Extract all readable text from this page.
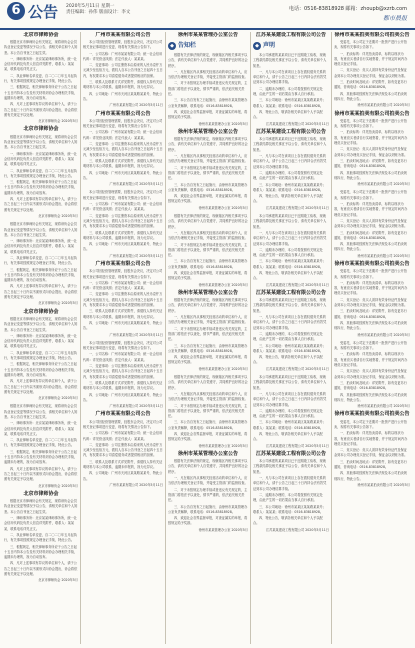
6 公告 2020年5月11日 星期一
责任编辑：孙伟 版面设计：李文
电话：0516-83818928 邮箱：zhoupb@xzrb.com
都市晨报
北京市律师协会

根据北京市律师协会有关规定，现将该协会会员执业登记变更等情况予以公告，请相关单位和个人知悉。本公告自刊登之日起生效。

一、律师事务所：北京某某律师事务所，统一社会信用代码及负责人信息详见附件，联系人：某某某，联系电话详见正文。

二、执业律师名单变更，自二〇二〇年五月起执行，有关事项按照规定办理登记手续，特此公告。

三、根据规定，相关律师事务所应于公告之日起十五日内持本公告及有关材料到协会办理相关手续，逾期未办理的，视为自动放弃。

四、凡对上述事项有异议的单位和个人，请于公告之日起三十日内以书面形式向协会提出，协会将依照有关规定予以处理。

北京市律师协会 2020年5月
北京市律师协会

根据北京市律师协会有关规定，现将该协会会员执业登记变更等情况予以公告，请相关单位和个人知悉。本公告自刊登之日起生效。

一、律师事务所：北京某某律师事务所，统一社会信用代码及负责人信息详见附件，联系人：某某某，联系电话详见正文。

二、执业律师名单变更，自二〇二〇年五月起执行，有关事项按照规定办理登记手续，特此公告。

三、根据规定，相关律师事务所应于公告之日起十五日内持本公告及有关材料到协会办理相关手续，逾期未办理的，视为自动放弃。

四、凡对上述事项有异议的单位和个人，请于公告之日起三十日内以书面形式向协会提出，协会将依照有关规定予以处理。

北京市律师协会 2020年5月

根据北京市律师协会有关规定，现将该协会会员执业登记变更等情况予以公告，请相关单位和个人知悉。本公告自刊登之日起生效。

一、律师事务所：北京某某律师事务所，统一社会信用代码及负责人信息详见附件，联系人：某某某，联系电话详见正文。

二、执业律师名单变更，自二〇二〇年五月起执行，有关事项按照规定办理登记手续，特此公告。

三、根据规定，相关律师事务所应于公告之日起十五日内持本公告及有关材料到协会办理相关手续，逾期未办理的，视为自动放弃。

四、凡对上述事项有异议的单位和个人，请于公告之日起三十日内以书面形式向协会提出，协会将依照有关规定予以处理。

北京市律师协会 2020年5月
北京市律师协会

根据北京市律师协会有关规定，现将该协会会员执业登记变更等情况予以公告，请相关单位和个人知悉。本公告自刊登之日起生效。

一、律师事务所：北京某某律师事务所，统一社会信用代码及负责人信息详见附件，联系人：某某某，联系电话详见正文。

二、执业律师名单变更，自二〇二〇年五月起执行，有关事项按照规定办理登记手续，特此公告。

三、根据规定，相关律师事务所应于公告之日起十五日内持本公告及有关材料到协会办理相关手续，逾期未办理的，视为自动放弃。

四、凡对上述事项有异议的单位和个人，请于公告之日起三十日内以书面形式向协会提出，协会将依照有关规定予以处理。

北京市律师协会 2020年5月

根据北京市律师协会有关规定，现将该协会会员执业登记变更等情况予以公告，请相关单位和个人知悉。本公告自刊登之日起生效。

一、律师事务所：北京某某律师事务所，统一社会信用代码及负责人信息详见附件，联系人：某某某，联系电话详见正文。

二、执业律师名单变更，自二〇二〇年五月起执行，有关事项按照规定办理登记手续，特此公告。

三、根据规定，相关律师事务所应于公告之日起十五日内持本公告及有关材料到协会办理相关手续，逾期未办理的，视为自动放弃。

四、凡对上述事项有异议的单位和个人，请于公告之日起三十日内以书面形式向协会提出，协会将依照有关规定予以处理。

北京市律师协会 2020年5月
北京市律师协会

根据北京市律师协会有关规定，现将该协会会员执业登记变更等情况予以公告，请相关单位和个人知悉。本公告自刊登之日起生效。

一、律师事务所：北京某某律师事务所，统一社会信用代码及负责人信息详见附件，联系人：某某某，联系电话详见正文。

二、执业律师名单变更，自二〇二〇年五月起执行，有关事项按照规定办理登记手续，特此公告。

三、根据规定，相关律师事务所应于公告之日起十五日内持本公告及有关材料到协会办理相关手续，逾期未办理的，视为自动放弃。

四、凡对上述事项有异议的单位和个人，请于公告之日起三十日内以书面形式向协会提出，协会将依照有关规定予以处理。

北京市律师协会 2020年5月
广州市某某有限公司公告

本公司因经营管理需要，经股东会决议，决定对公司相关登记事项进行变更，现将有关情况公告如下。

一、公司名称：广州市某某有限公司；统一社会信用代码：详见营业执照；法定代表人：某某某。

二、变更事项：公司注册资本由原来的人民币壹仟万元减少至伍佰万元，债权人自本公告刊登之日起四十五日内，有权要求本公司清偿债务或者提供相应的担保。

三、联系人及联系方式详见附件，请债权人持有关证明材料与本公司联系，逾期未申报的，视为无异议。

四、公司地址：广州市天河区某某路某某号，特此公告。

广州市某某有限公司 2020年5月11日
广州市某某有限公司公告

本公司因经营管理需要，经股东会决议，决定对公司相关登记事项进行变更，现将有关情况公告如下。

一、公司名称：广州市某某有限公司；统一社会信用代码：详见营业执照；法定代表人：某某某。

二、变更事项：公司注册资本由原来的人民币壹仟万元减少至伍佰万元，债权人自本公告刊登之日起四十五日内，有权要求本公司清偿债务或者提供相应的担保。

三、联系人及联系方式详见附件，请债权人持有关证明材料与本公司联系，逾期未申报的，视为无异议。

四、公司地址：广州市天河区某某路某某号，特此公告。

广州市某某有限公司 2020年5月11日

本公司因经营管理需要，经股东会决议，决定对公司相关登记事项进行变更，现将有关情况公告如下。

一、公司名称：广州市某某有限公司；统一社会信用代码：详见营业执照；法定代表人：某某某。

二、变更事项：公司注册资本由原来的人民币壹仟万元减少至伍佰万元，债权人自本公告刊登之日起四十五日内，有权要求本公司清偿债务或者提供相应的担保。

三、联系人及联系方式详见附件，请债权人持有关证明材料与本公司联系，逾期未申报的，视为无异议。

四、公司地址：广州市天河区某某路某某号，特此公告。

广州市某某有限公司 2020年5月11日
广州市某某有限公司公告

本公司因经营管理需要，经股东会决议，决定对公司相关登记事项进行变更，现将有关情况公告如下。

一、公司名称：广州市某某有限公司；统一社会信用代码：详见营业执照；法定代表人：某某某。

二、变更事项：公司注册资本由原来的人民币壹仟万元减少至伍佰万元，债权人自本公告刊登之日起四十五日内，有权要求本公司清偿债务或者提供相应的担保。

三、联系人及联系方式详见附件，请债权人持有关证明材料与本公司联系，逾期未申报的，视为无异议。

四、公司地址：广州市天河区某某路某某号，特此公告。

广州市某某有限公司 2020年5月11日

本公司因经营管理需要，经股东会决议，决定对公司相关登记事项进行变更，现将有关情况公告如下。

一、公司名称：广州市某某有限公司；统一社会信用代码：详见营业执照；法定代表人：某某某。

二、变更事项：公司注册资本由原来的人民币壹仟万元减少至伍佰万元，债权人自本公告刊登之日起四十五日内，有权要求本公司清偿债务或者提供相应的担保。

三、联系人及联系方式详见附件，请债权人持有关证明材料与本公司联系，逾期未申报的，视为无异议。

四、公司地址：广州市天河区某某路某某号，特此公告。

广州市某某有限公司 2020年5月11日
广州市某某有限公司公告

本公司因经营管理需要，经股东会决议，决定对公司相关登记事项进行变更，现将有关情况公告如下。

一、公司名称：广州市某某有限公司；统一社会信用代码：详见营业执照；法定代表人：某某某。

二、变更事项：公司注册资本由原来的人民币壹仟万元减少至伍佰万元，债权人自本公告刊登之日起四十五日内，有权要求本公司清偿债务或者提供相应的担保。

三、联系人及联系方式详见附件，请债权人持有关证明材料与本公司联系，逾期未申报的，视为无异议。

四、公司地址：广州市天河区某某路某某号，特此公告。

广州市某某有限公司 2020年5月11日
徐州市某某管理办公室公告
◆ 告知栏

根据有关法律法规的规定，现就辖区内相关事项予以公告，请有关单位和个人自觉遵守，共同维护良好的社会秩序。

一、凡在辖区内从事相关经营活动的单位和个人，应当依法办理相关登记手续，并接受主管部门的监督检查。

二、对于未按规定办理手续或者违反有关规定的，主管部门将依法予以查处，情节严重的，依法追究相关责任。

三、本公告自发布之日起施行，由徐州市某某管理办公室负责解释，联系电话：0516-83818928。

四、欢迎社会各界监督举报，对查证属实的举报，将按规定给予奖励。

徐州市某某管理办公室 2020年5月
徐州市某某管理办公室公告

根据有关法律法规的规定，现就辖区内相关事项予以公告，请有关单位和个人自觉遵守，共同维护良好的社会秩序。

一、凡在辖区内从事相关经营活动的单位和个人，应当依法办理相关登记手续，并接受主管部门的监督检查。

二、对于未按规定办理手续或者违反有关规定的，主管部门将依法予以查处，情节严重的，依法追究相关责任。

三、本公告自发布之日起施行，由徐州市某某管理办公室负责解释，联系电话：0516-83818928。

四、欢迎社会各界监督举报，对查证属实的举报，将按规定给予奖励。

徐州市某某管理办公室 2020年5月

根据有关法律法规的规定，现就辖区内相关事项予以公告，请有关单位和个人自觉遵守，共同维护良好的社会秩序。

一、凡在辖区内从事相关经营活动的单位和个人，应当依法办理相关登记手续，并接受主管部门的监督检查。

二、对于未按规定办理手续或者违反有关规定的，主管部门将依法予以查处，情节严重的，依法追究相关责任。

三、本公告自发布之日起施行，由徐州市某某管理办公室负责解释，联系电话：0516-83818928。

四、欢迎社会各界监督举报，对查证属实的举报，将按规定给予奖励。

徐州市某某管理办公室 2020年5月
徐州市某某管理办公室公告

根据有关法律法规的规定，现就辖区内相关事项予以公告，请有关单位和个人自觉遵守，共同维护良好的社会秩序。

一、凡在辖区内从事相关经营活动的单位和个人，应当依法办理相关登记手续，并接受主管部门的监督检查。

二、对于未按规定办理手续或者违反有关规定的，主管部门将依法予以查处，情节严重的，依法追究相关责任。

三、本公告自发布之日起施行，由徐州市某某管理办公室负责解释，联系电话：0516-83818928。

四、欢迎社会各界监督举报，对查证属实的举报，将按规定给予奖励。

徐州市某某管理办公室 2020年5月

根据有关法律法规的规定，现就辖区内相关事项予以公告，请有关单位和个人自觉遵守，共同维护良好的社会秩序。

一、凡在辖区内从事相关经营活动的单位和个人，应当依法办理相关登记手续，并接受主管部门的监督检查。

二、对于未按规定办理手续或者违反有关规定的，主管部门将依法予以查处，情节严重的，依法追究相关责任。

三、本公告自发布之日起施行，由徐州市某某管理办公室负责解释，联系电话：0516-83818928。

四、欢迎社会各界监督举报，对查证属实的举报，将按规定给予奖励。

徐州市某某管理办公室 2020年5月
徐州市某某管理办公室公告

根据有关法律法规的规定，现就辖区内相关事项予以公告，请有关单位和个人自觉遵守，共同维护良好的社会秩序。

一、凡在辖区内从事相关经营活动的单位和个人，应当依法办理相关登记手续，并接受主管部门的监督检查。

二、对于未按规定办理手续或者违反有关规定的，主管部门将依法予以查处，情节严重的，依法追究相关责任。

三、本公告自发布之日起施行，由徐州市某某管理办公室负责解释，联系电话：0516-83818928。

四、欢迎社会各界监督举报，对查证属实的举报，将按规定给予奖励。

徐州市某某管理办公室 2020年5月
江苏某某建设工程有限公司公告
◆ 声明

本公司承建的某某项目已于近期竣工验收，现就工程款结算及相关事宜予以公告，请有关单位和个人知悉。

一、凡与本公司在该项目上存在债权债务关系的单位和个人，请于公告之日起三十日内持合法有效凭证到本公司办理结算手续。

二、逾期未办理的，本公司将按照有关规定处理，由此产生的一切后果由当事人自行承担。

三、本公司地址：徐州市某某区某某路某某号；联系人：某某某；联系电话：0516-83818928。

四、特此公告，敬请各相关单位和个人予以配合。

江苏某某建设工程有限公司 2020年5月11日
江苏某某建设工程有限公司公告

本公司承建的某某项目已于近期竣工验收，现就工程款结算及相关事宜予以公告，请有关单位和个人知悉。

一、凡与本公司在该项目上存在债权债务关系的单位和个人，请于公告之日起三十日内持合法有效凭证到本公司办理结算手续。

二、逾期未办理的，本公司将按照有关规定处理，由此产生的一切后果由当事人自行承担。

三、本公司地址：徐州市某某区某某路某某号；联系人：某某某；联系电话：0516-83818928。

四、特此公告，敬请各相关单位和个人予以配合。

江苏某某建设工程有限公司 2020年5月11日

本公司承建的某某项目已于近期竣工验收，现就工程款结算及相关事宜予以公告，请有关单位和个人知悉。

一、凡与本公司在该项目上存在债权债务关系的单位和个人，请于公告之日起三十日内持合法有效凭证到本公司办理结算手续。

二、逾期未办理的，本公司将按照有关规定处理，由此产生的一切后果由当事人自行承担。

三、本公司地址：徐州市某某区某某路某某号；联系人：某某某；联系电话：0516-83818928。

四、特此公告，敬请各相关单位和个人予以配合。

江苏某某建设工程有限公司 2020年5月11日
江苏某某建设工程有限公司公告

本公司承建的某某项目已于近期竣工验收，现就工程款结算及相关事宜予以公告，请有关单位和个人知悉。

一、凡与本公司在该项目上存在债权债务关系的单位和个人，请于公告之日起三十日内持合法有效凭证到本公司办理结算手续。

二、逾期未办理的，本公司将按照有关规定处理，由此产生的一切后果由当事人自行承担。

三、本公司地址：徐州市某某区某某路某某号；联系人：某某某；联系电话：0516-83818928。

四、特此公告，敬请各相关单位和个人予以配合。

江苏某某建设工程有限公司 2020年5月11日

本公司承建的某某项目已于近期竣工验收，现就工程款结算及相关事宜予以公告，请有关单位和个人知悉。

一、凡与本公司在该项目上存在债权债务关系的单位和个人，请于公告之日起三十日内持合法有效凭证到本公司办理结算手续。

二、逾期未办理的，本公司将按照有关规定处理，由此产生的一切后果由当事人自行承担。

三、本公司地址：徐州市某某区某某路某某号；联系人：某某某；联系电话：0516-83818928。

四、特此公告，敬请各相关单位和个人予以配合。

江苏某某建设工程有限公司 2020年5月11日
江苏某某建设工程有限公司公告

本公司承建的某某项目已于近期竣工验收，现就工程款结算及相关事宜予以公告，请有关单位和个人知悉。

一、凡与本公司在该项目上存在债权债务关系的单位和个人，请于公告之日起三十日内持合法有效凭证到本公司办理结算手续。

二、逾期未办理的，本公司将按照有关规定处理，由此产生的一切后果由当事人自行承担。

三、本公司地址：徐州市某某区某某路某某号；联系人：某某某；联系电话：0516-83818928。

四、特此公告，敬请各相关单位和个人予以配合。

江苏某某建设工程有限公司 2020年5月11日
徐州市某某拍卖有限公司拍卖公告

受委托，本公司定于近期对一批资产进行公开拍卖，现将有关事项公告如下。

一、拍卖标的：详见拍卖清单，标的以现状为准，有意竞买者请自行实地察看，并于规定时间内办理竞买登记手续。

二、竞买登记：竞买人须持有效身份证件及保证金到本公司办理竞买登记手续，保证金以到账为准。

三、拍卖时间及地点：详见附件，如有变更另行通知，咨询电话：0516-83818928。

四、其他事项按照有关法律法规及本公司拍卖规则执行，特此公告。

徐州市某某拍卖有限公司 2020年5月
徐州市某某拍卖有限公司拍卖公告

受委托，本公司定于近期对一批资产进行公开拍卖，现将有关事项公告如下。

一、拍卖标的：详见拍卖清单，标的以现状为准，有意竞买者请自行实地察看，并于规定时间内办理竞买登记手续。

二、竞买登记：竞买人须持有效身份证件及保证金到本公司办理竞买登记手续，保证金以到账为准。

三、拍卖时间及地点：详见附件，如有变更另行通知，咨询电话：0516-83818928。

四、其他事项按照有关法律法规及本公司拍卖规则执行，特此公告。

徐州市某某拍卖有限公司 2020年5月

受委托，本公司定于近期对一批资产进行公开拍卖，现将有关事项公告如下。

一、拍卖标的：详见拍卖清单，标的以现状为准，有意竞买者请自行实地察看，并于规定时间内办理竞买登记手续。

二、竞买登记：竞买人须持有效身份证件及保证金到本公司办理竞买登记手续，保证金以到账为准。

三、拍卖时间及地点：详见附件，如有变更另行通知，咨询电话：0516-83818928。

四、其他事项按照有关法律法规及本公司拍卖规则执行，特此公告。

徐州市某某拍卖有限公司 2020年5月
徐州市某某拍卖有限公司拍卖公告

受委托，本公司定于近期对一批资产进行公开拍卖，现将有关事项公告如下。

一、拍卖标的：详见拍卖清单，标的以现状为准，有意竞买者请自行实地察看，并于规定时间内办理竞买登记手续。

二、竞买登记：竞买人须持有效身份证件及保证金到本公司办理竞买登记手续，保证金以到账为准。

三、拍卖时间及地点：详见附件，如有变更另行通知，咨询电话：0516-83818928。

四、其他事项按照有关法律法规及本公司拍卖规则执行，特此公告。

徐州市某某拍卖有限公司 2020年5月

受委托，本公司定于近期对一批资产进行公开拍卖，现将有关事项公告如下。

一、拍卖标的：详见拍卖清单，标的以现状为准，有意竞买者请自行实地察看，并于规定时间内办理竞买登记手续。

二、竞买登记：竞买人须持有效身份证件及保证金到本公司办理竞买登记手续，保证金以到账为准。

三、拍卖时间及地点：详见附件，如有变更另行通知，咨询电话：0516-83818928。

四、其他事项按照有关法律法规及本公司拍卖规则执行，特此公告。

徐州市某某拍卖有限公司 2020年5月
徐州市某某拍卖有限公司拍卖公告

受委托，本公司定于近期对一批资产进行公开拍卖，现将有关事项公告如下。

一、拍卖标的：详见拍卖清单，标的以现状为准，有意竞买者请自行实地察看，并于规定时间内办理竞买登记手续。

二、竞买登记：竞买人须持有效身份证件及保证金到本公司办理竞买登记手续，保证金以到账为准。

三、拍卖时间及地点：详见附件，如有变更另行通知，咨询电话：0516-83818928。

四、其他事项按照有关法律法规及本公司拍卖规则执行，特此公告。

徐州市某某拍卖有限公司 2020年5月
